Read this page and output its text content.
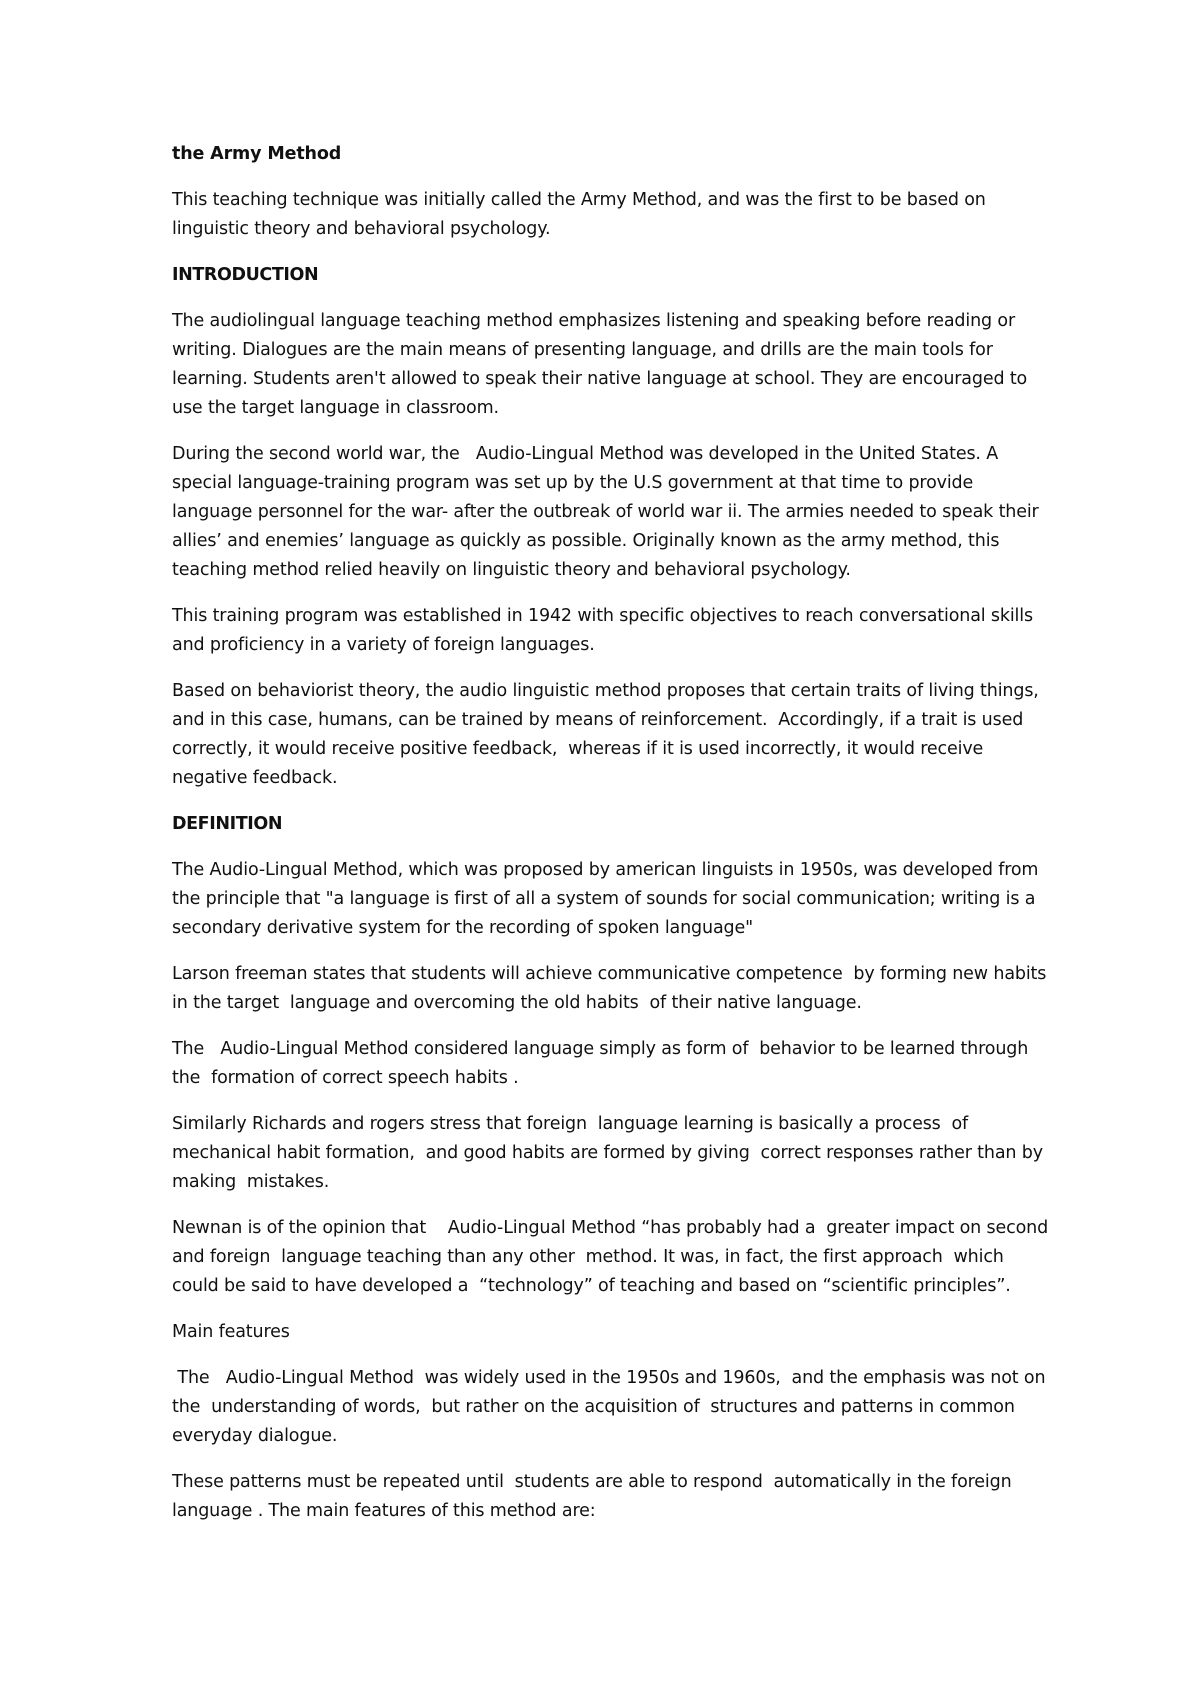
the Army Method
This teaching technique was initially called the Army Method, and was the first to be based on linguistic theory and behavioral psychology.
INTRODUCTION
The audiolingual language teaching method emphasizes listening and speaking before reading or writing. Dialogues are the main means of presenting language, and drills are the main tools for learning. Students aren't allowed to speak their native language at school. They are encouraged to use the target language in classroom.
During the second world war, the   Audio-Lingual Method was developed in the United States. A special language-training program was set up by the U.S government at that time to provide language personnel for the war- after the outbreak of world war ii. The armies needed to speak their allies’ and enemies’ language as quickly as possible. Originally known as the army method, this teaching method relied heavily on linguistic theory and behavioral psychology.
This training program was established in 1942 with specific objectives to reach conversational skills and proficiency in a variety of foreign languages.
Based on behaviorist theory, the audio linguistic method proposes that certain traits of living things, and in this case, humans, can be trained by means of reinforcement.  Accordingly, if a trait is used correctly, it would receive positive feedback,  whereas if it is used incorrectly, it would receive negative feedback.
DEFINITION
The Audio-Lingual Method, which was proposed by american linguists in 1950s, was developed from the principle that "a language is first of all a system of sounds for social communication; writing is a secondary derivative system for the recording of spoken language"
Larson freeman states that students will achieve communicative competence  by forming new habits in the target  language and overcoming the old habits  of their native language.
The   Audio-Lingual Method considered language simply as form of  behavior to be learned through the  formation of correct speech habits .
Similarly Richards and rogers stress that foreign  language learning is basically a process  of mechanical habit formation,  and good habits are formed by giving  correct responses rather than by making  mistakes.
Newnan is of the opinion that    Audio-Lingual Method “has probably had a  greater impact on second and foreign  language teaching than any other  method. It was, in fact, the first approach  which could be said to have developed a  “technology” of teaching and based on “scientific principles”.
Main features
The   Audio-Lingual Method  was widely used in the 1950s and 1960s,  and the emphasis was not on the  understanding of words,  but rather on the acquisition of  structures and patterns in common  everyday dialogue.
These patterns must be repeated until  students are able to respond  automatically in the foreign language . The main features of this method are:
